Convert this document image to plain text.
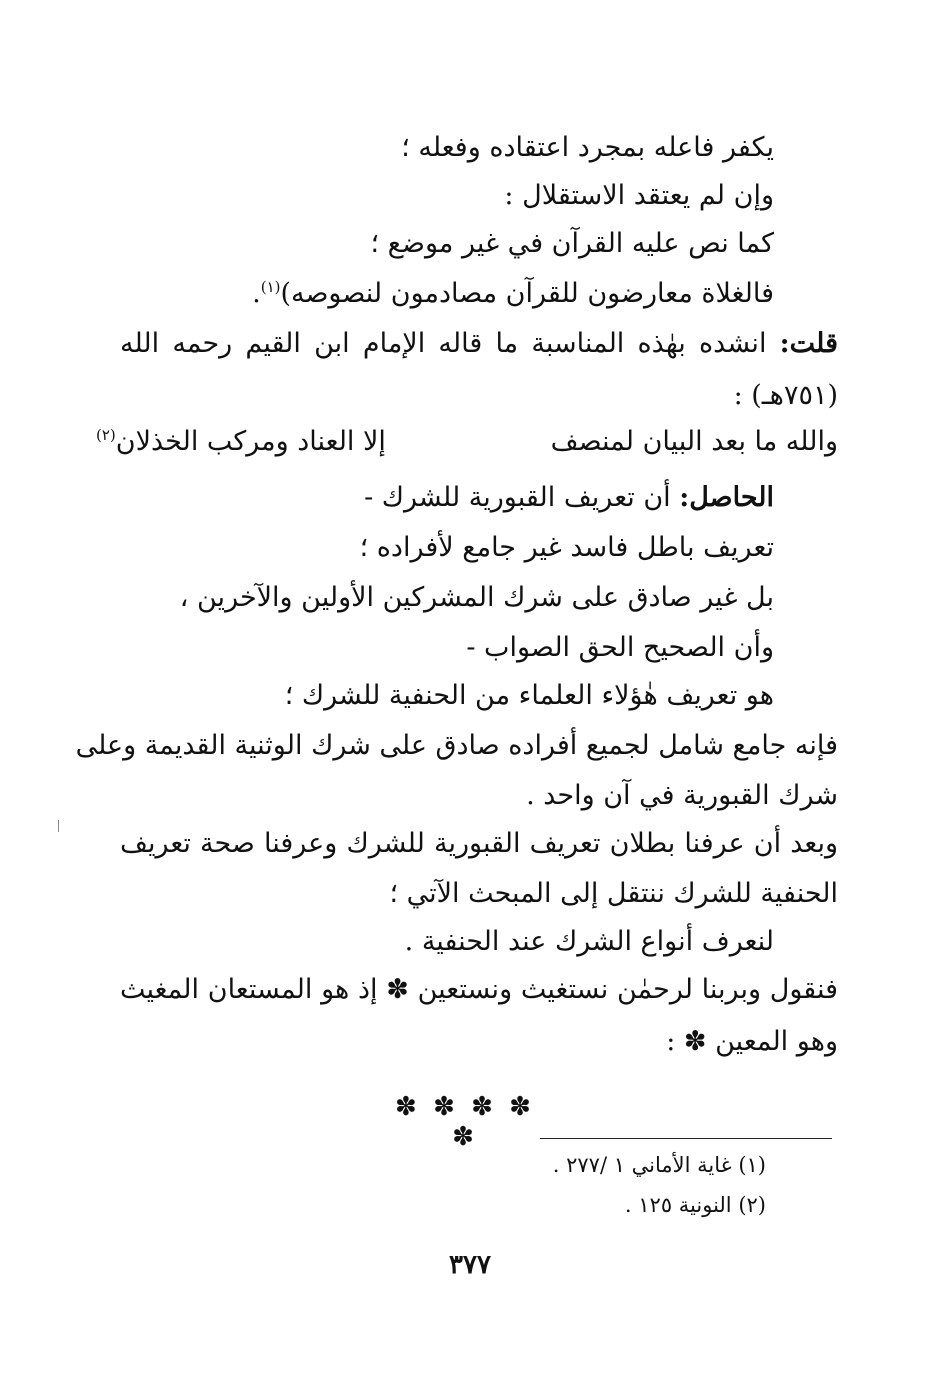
يكفر فاعله بمجرد اعتقاده وفعله ؛
وإن لم يعتقد الاستقلال :
كما نص عليه القرآن في غير موضع ؛
فالغلاة معارضون للقرآن مصادمون لنصوصه)$^{(١)}$.
قلت: انشده بهٰذه المناسبة ما قاله الإمام ابن القيم رحمه الله
(٧٥١هـ) :
والله ما بعد البيان لمنصف
إلا العناد ومركب الخذلان$^{(٢)}$
الحاصل: أن تعريف القبورية للشرك -
تعريف باطل فاسد غير جامع لأفراده ؛
بل غير صادق على شرك المشركين الأولين والآخرين ،
وأن الصحيح الحق الصواب -
هو تعريف هٰؤلاء العلماء من الحنفية للشرك ؛
فإنه جامع شامل لجميع أفراده صادق على شرك الوثنية القديمة وعلى
شرك القبورية في آن واحد .
وبعد أن عرفنا بطلان تعريف القبورية للشرك وعرفنا صحة تعريف
الحنفية للشرك ننتقل إلى المبحث الآتي ؛
لنعرف أنواع الشرك عند الحنفية .
فنقول وبربنا لرحمٰن نستغيث ونستعين ✽ إذ هو المستعان المغيث
وهو المعين ✽ :
✽ ✽ ✽ ✽ ✽
(١) غاية الأماني ١ /٢٧٧ .
(٢) النونية ١٢٥ .
٣٧٧
